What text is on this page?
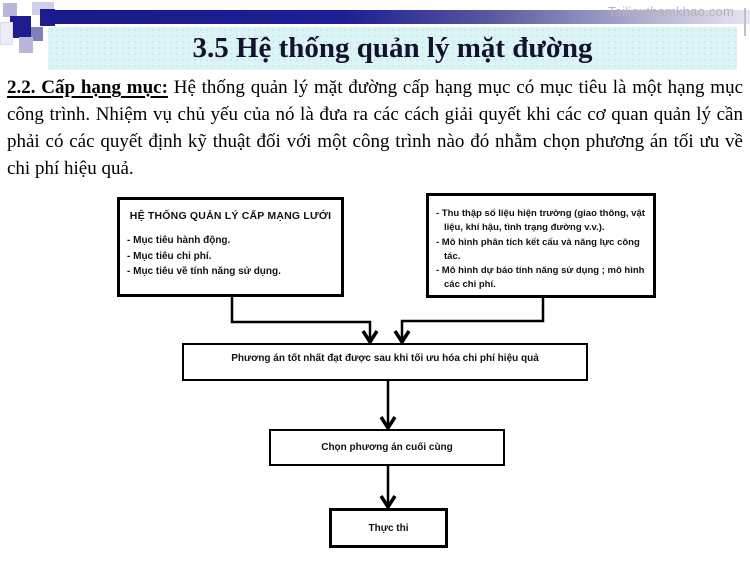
Tailieuthamkhao.com
3.5 Hệ thống quản lý mặt đường

2.2. Cấp hạng mục: Hệ thống quản lý mặt đường cấp hạng mục có mục tiêu là một hạng mục công trình. Nhiệm vụ chủ yếu của nó là đưa ra các cách giải quyết khi các cơ quan quản lý cần phải có các quyết định kỹ thuật đối với một công trình nào đó nhằm chọn phương án tối ưu về chi phí hiệu quả.

HỆ THỐNG QUẢN LÝ CẤP MẠNG LƯỚI
- Mục tiêu hành động.
- Mục tiêu chi phí.
- Mục tiêu về tính năng sử dụng.
- Thu thập số liệu hiện trường (giao thông, vật liệu, khí hậu, tình trạng đường v.v.).
- Mô hình phân tích kết cấu và năng lực công tác.
- Mô hình dự báo tính năng sử dụng ; mô hình các chi phí.
Phương án tốt nhất đạt được sau khi tối ưu hóa chi phí hiệu quả
Chọn phương án cuối cùng
Thực thi
